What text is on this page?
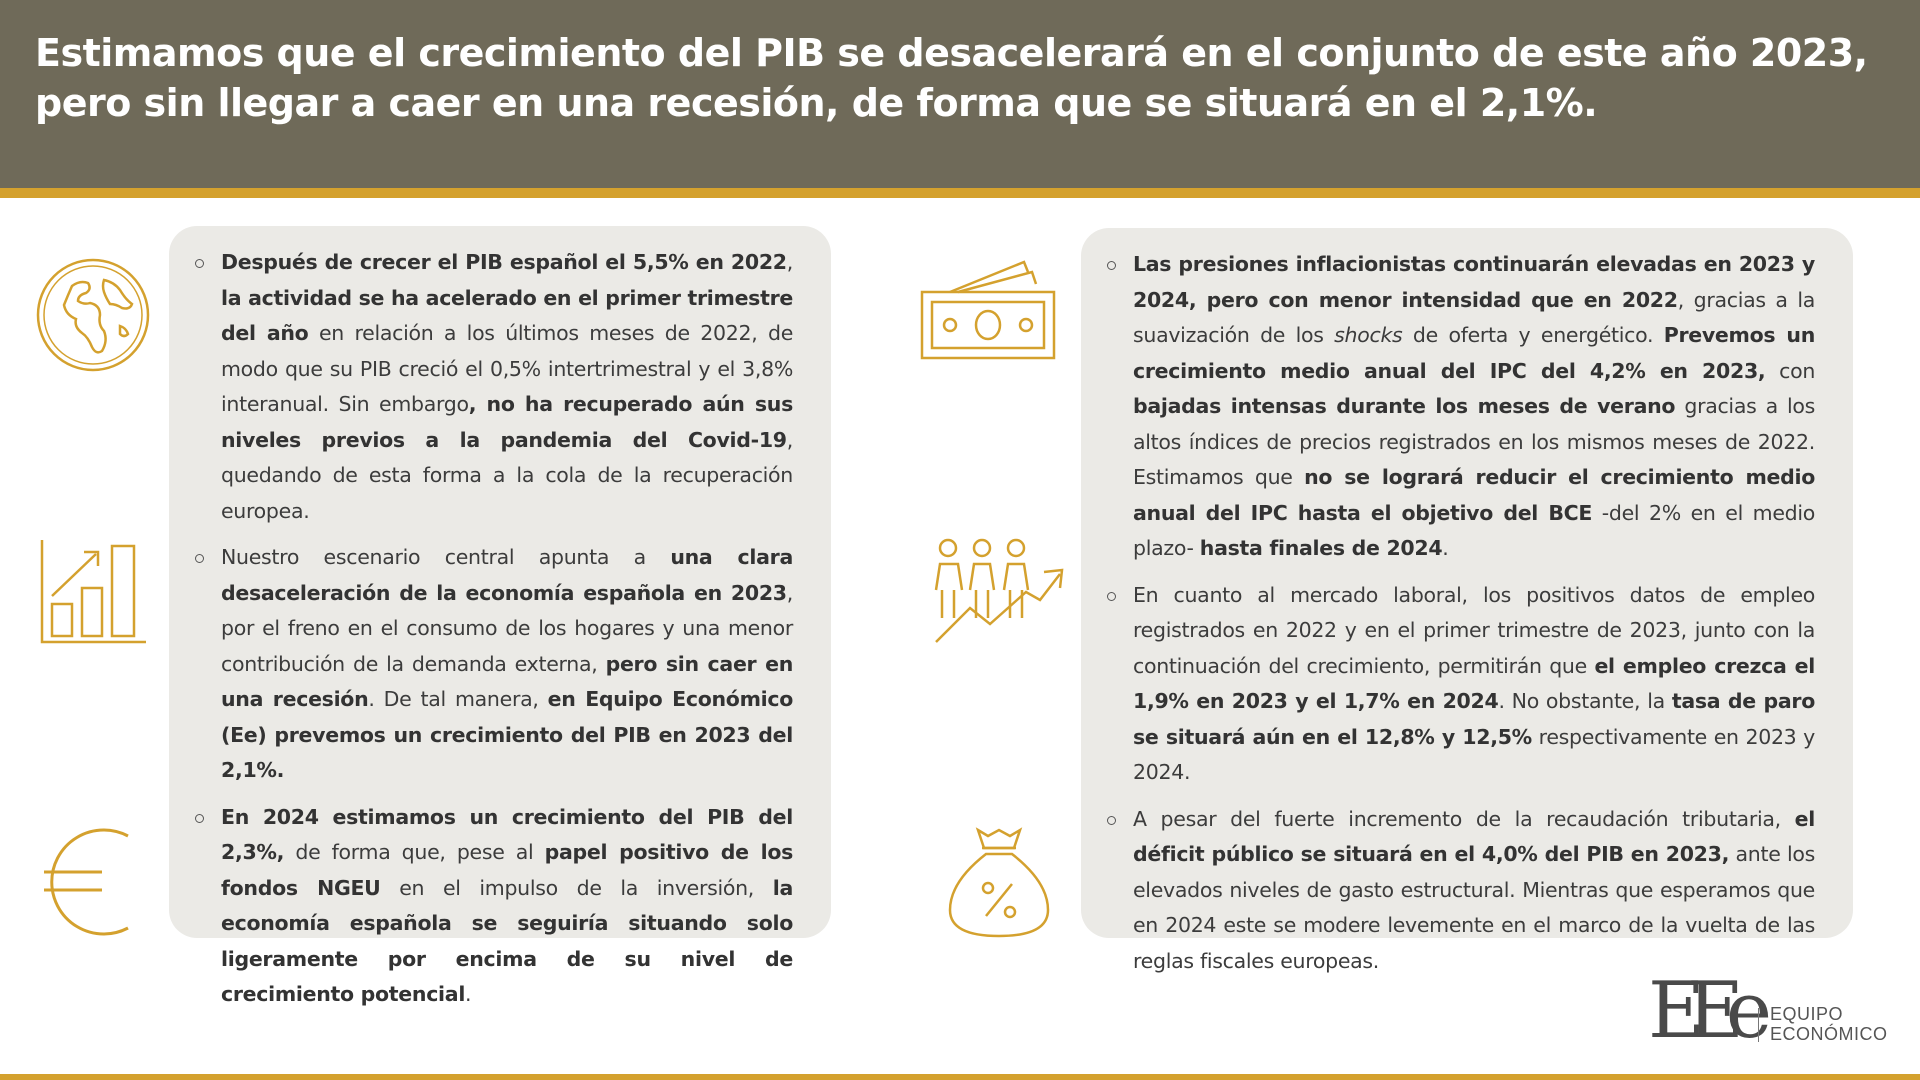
Estimamos que el crecimiento del PIB se desacelerará en el conjunto de este año 2023, pero sin llegar a caer en una recesión, de forma que se situará en el 2,1%.

Después de crecer el PIB español el 5,5% en 2022, la actividad se ha acelerado en el primer trimestre del año en relación a los últimos meses de 2022, de modo que su PIB creció el 0,5% intertrimestral y el 3,8% interanual. Sin embargo, no ha recuperado aún sus niveles previos a la pandemia del Covid-19, quedando de esta forma a la cola de la recuperación europea.

Nuestro escenario central apunta a una clara desaceleración de la economía española en 2023, por el freno en el consumo de los hogares y una menor contribución de la demanda externa, pero sin caer en una recesión. De tal manera, en Equipo Económico (Ee) prevemos un crecimiento del PIB en 2023 del 2,1%.

En 2024 estimamos un crecimiento del PIB del 2,3%, de forma que, pese al papel positivo de los fondos NGEU en el impulso de la inversión, la economía española se seguiría situando solo ligeramente por encima de su nivel de crecimiento potencial.

Las presiones inflacionistas continuarán elevadas en 2023 y 2024, pero con menor intensidad que en 2022, gracias a la suavización de los shocks de oferta y energético. Prevemos un crecimiento medio anual del IPC del 4,2% en 2023, con bajadas intensas durante los meses de verano gracias a los altos índices de precios registrados en los mismos meses de 2022. Estimamos que no se logrará reducir el crecimiento medio anual del IPC hasta el objetivo del BCE -del 2% en el medio plazo- hasta finales de 2024.

En cuanto al mercado laboral, los positivos datos de empleo registrados en 2022 y en el primer trimestre de 2023, junto con la continuación del crecimiento, permitirán que el empleo crezca el 1,9% en 2023 y el 1,7% en 2024. No obstante, la tasa de paro se situará aún en el 12,8% y 12,5% respectivamente en 2023 y 2024.

A pesar del fuerte incremento de la recaudación tributaria, el déficit público se situará en el 4,0% del PIB en 2023, ante los elevados niveles de gasto estructural. Mientras que esperamos que en 2024 este se modere levemente en el marco de la vuelta de las reglas fiscales europeas.

EEe EQUIPO
ECONÓMICO
